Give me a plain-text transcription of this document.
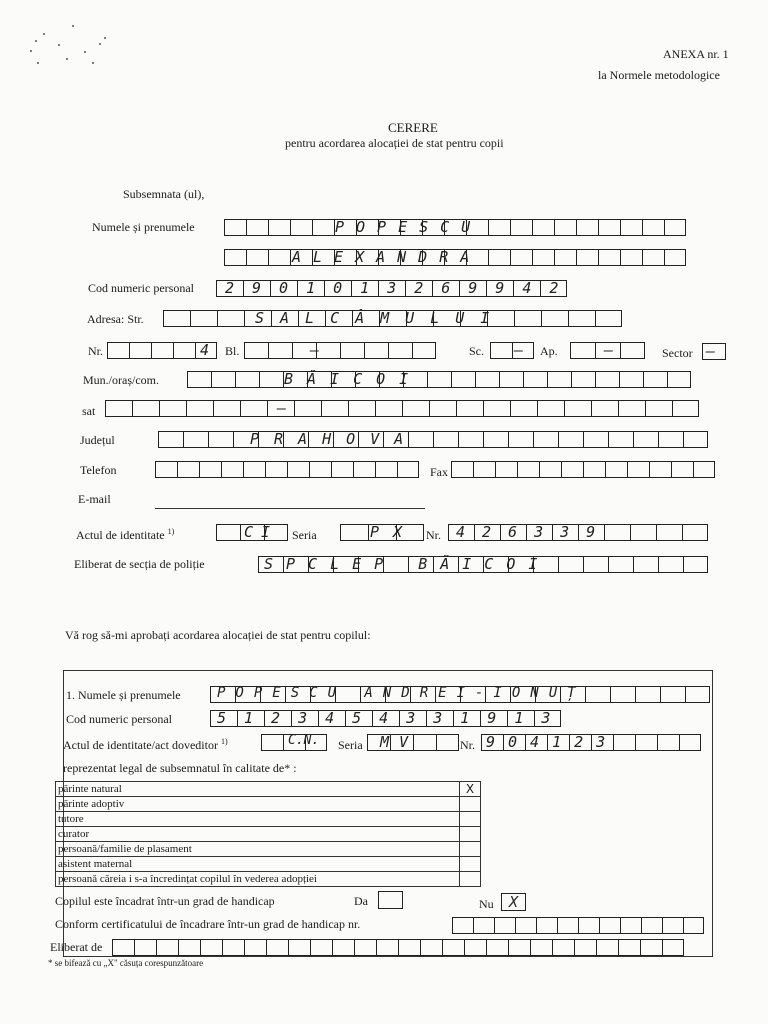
ANEXA nr. 1
la Normele metodologice
CERERE
pentru acordarea alocației de stat pentru copii
Subsemnata (ul),
Numele și prenumele	POPESCU
ALEXANDRA
Cod numeric personal 2901013269942
Adresa: Str.	SALCÂMULUI
Nr.	4 Bl.	—	Sc. — Ap.	—	Sector —
Mun./oraș/com.	BĂICOI
sat	—
Județul	PRAHOVA
Telefon	Fax
E-mail
Actul de identitate $^{1)}$	CI Seria	PX Nr. 426339
Eliberat de secția de poliție	SPCLEP BĂICOI
Vă rog să-mi aprobați acordarea alocației de stat pentru copilul:
1. Numele și prenumele	POPESCU ANDREI-IONUȚ
Cod numeric personal	5123454331913
Actul de identitate/act doveditor $^{1)}$	C.N. Seria MV	Nr. 904123
reprezentat legal de subsemnatul în calitate de* :
părinte natural	X
părinte adoptiv	
tutore	
curator	
persoană/familie de plasament	
asistent maternal	
persoană căreia i s-a încredințat copilul în vederea adopției	
Copilul este încadrat într-un grad de handicap	Da	Nu	X
Conform certificatului de încadrare într-un grad de handicap nr.
Eliberat de
* se bifează cu „X" căsuța corespunzătoare
